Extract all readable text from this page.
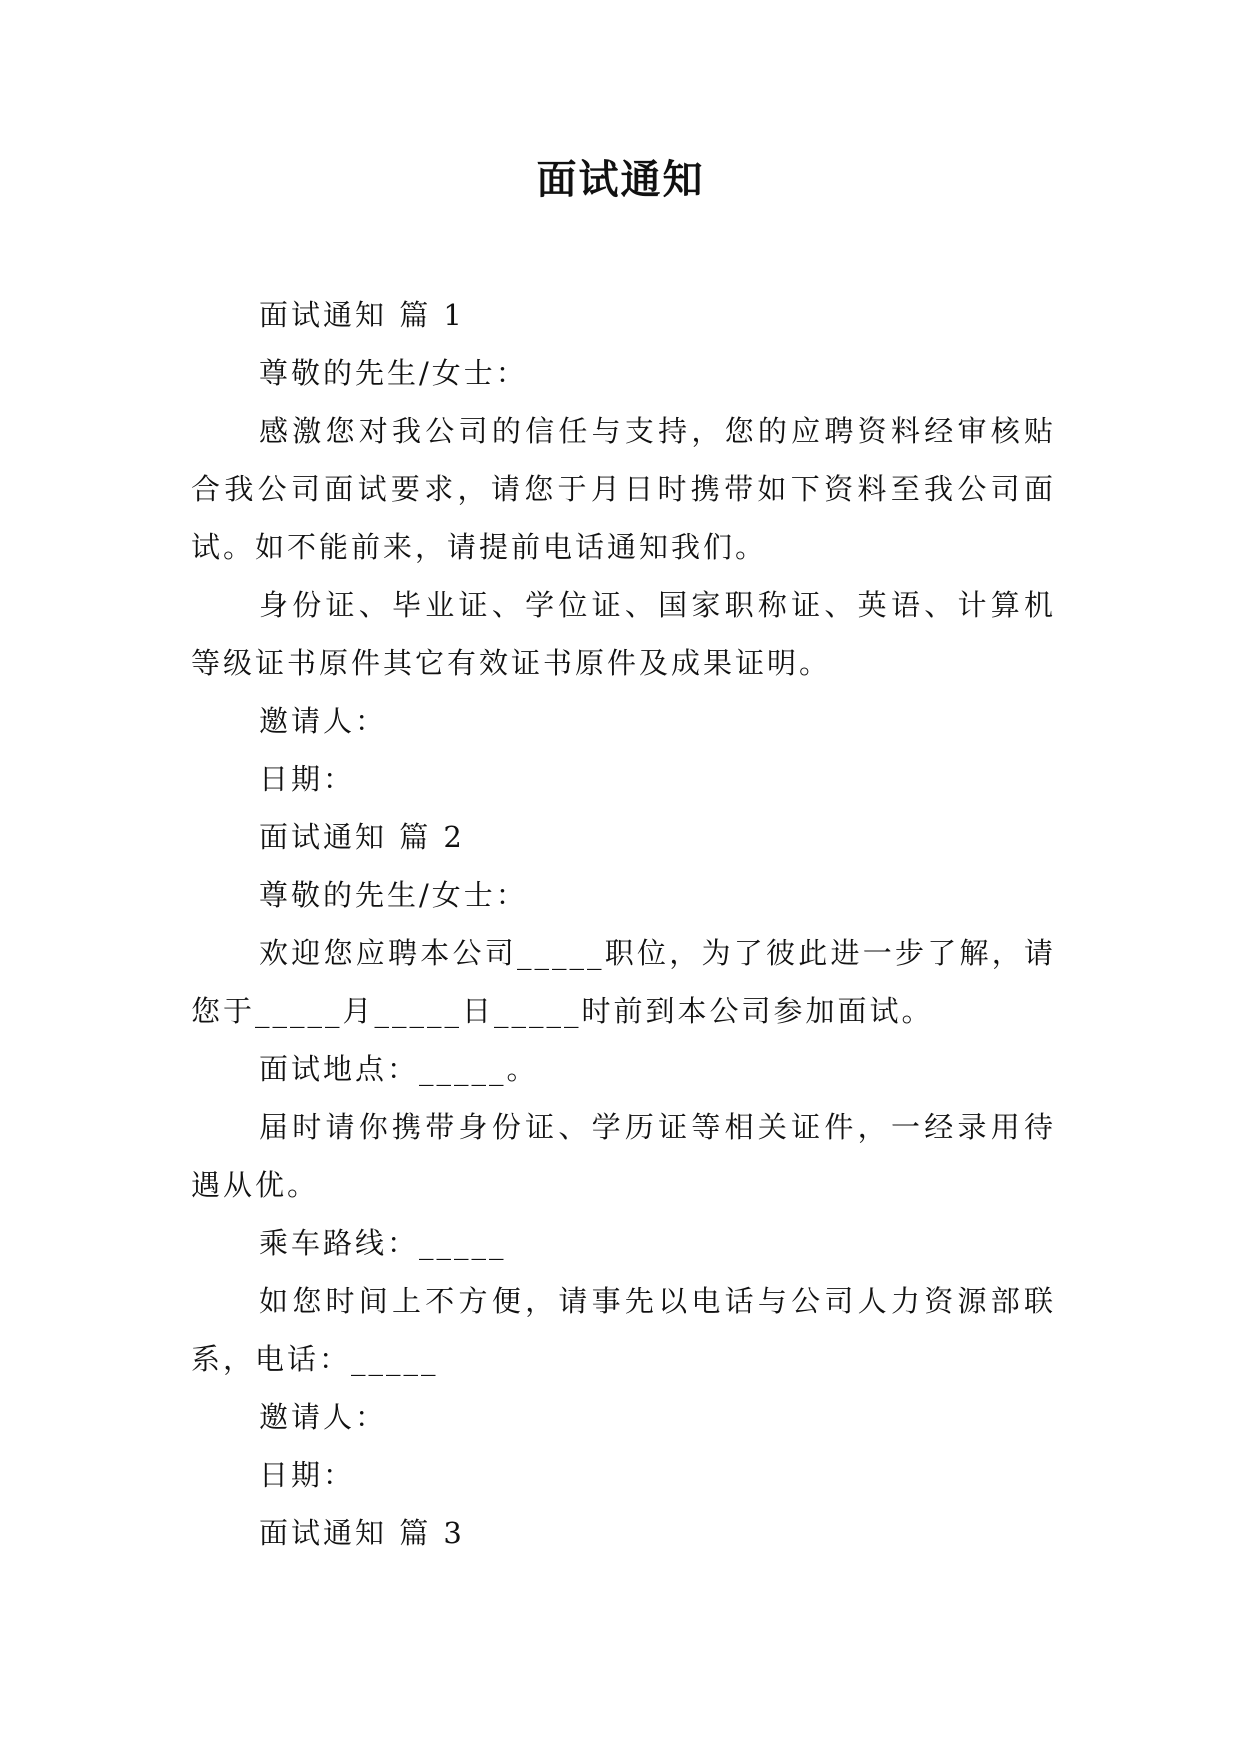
面试通知

面试通知 篇 1

尊敬的先生/女士：

感激您对我公司的信任与支持，您的应聘资料经审核贴合我公司面试要求，请您于月日时携带如下资料至我公司面试。如不能前来，请提前电话通知我们。

身份证、毕业证、学位证、国家职称证、英语、计算机等级证书原件其它有效证书原件及成果证明。

邀请人：

日期：

面试通知 篇 2

尊敬的先生/女士：

欢迎您应聘本公司_____职位，为了彼此进一步了解，请您于_____月_____日_____时前到本公司参加面试。

面试地点：_____。

届时请你携带身份证、学历证等相关证件，一经录用待遇从优。

乘车路线：_____

如您时间上不方便，请事先以电话与公司人力资源部联系，电话：_____

邀请人：

日期：

面试通知 篇 3
